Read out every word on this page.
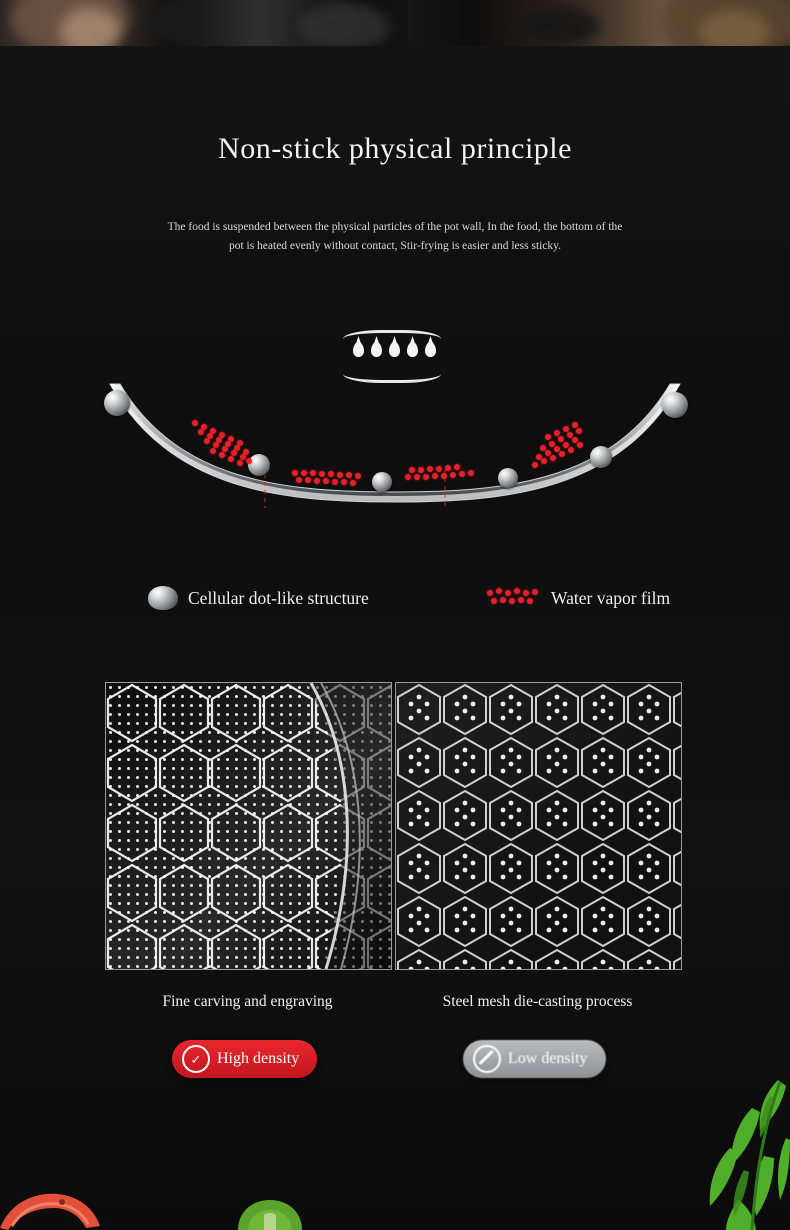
Non-stick physical principle
The food is suspended between the physical particles of the pot wall, In the food, the bottom of the pot is heated evenly without contact, Stir-frying is easier and less sticky.
Cellular dot-like structure	Water vapor film
Fine carving and engraving	Steel mesh die-casting process
✓ High density	Low density
